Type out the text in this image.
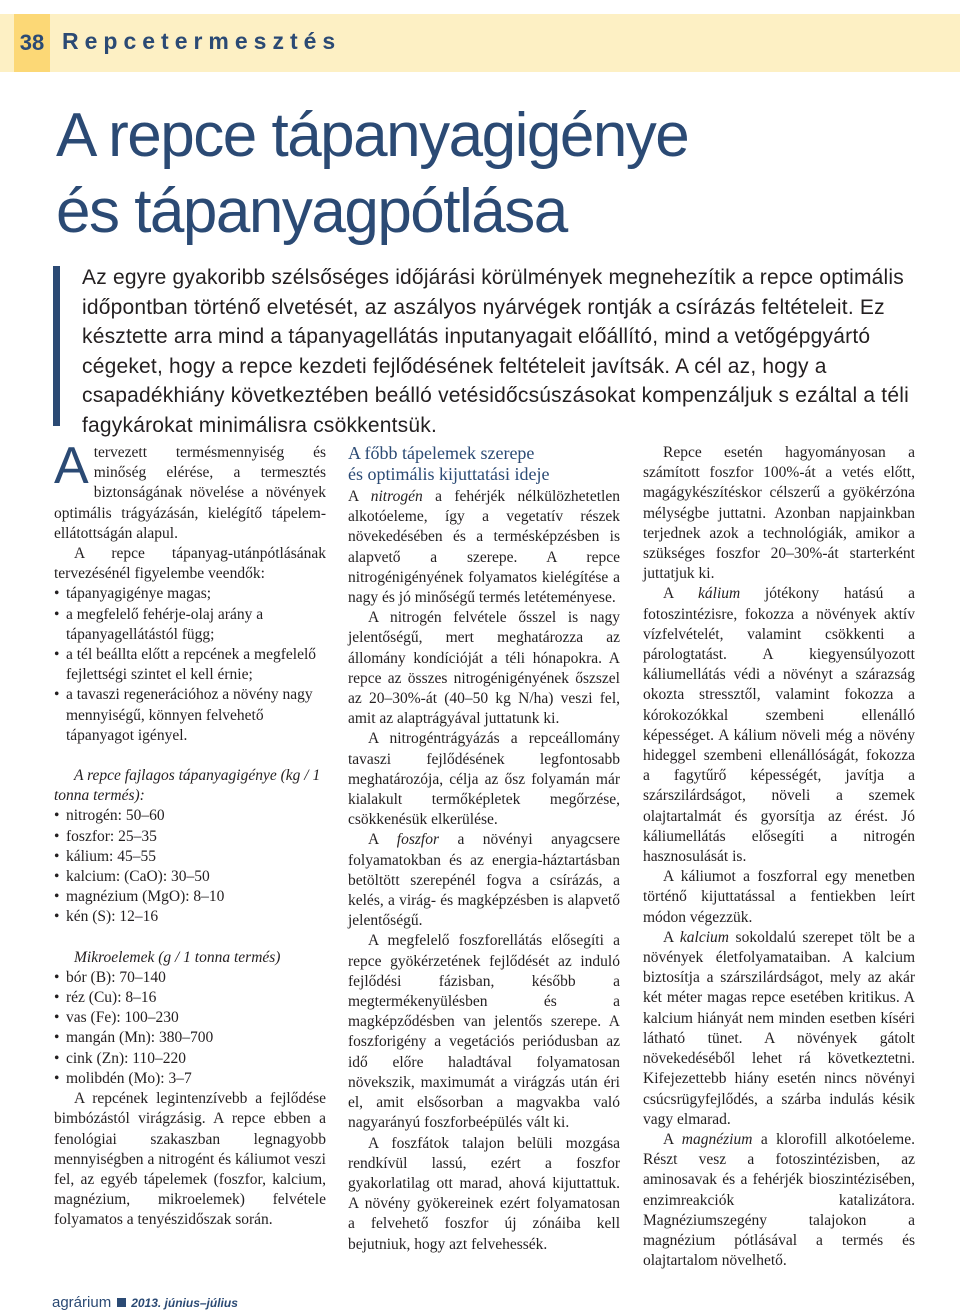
38 Repcetermesztés
A repce tápanyagigénye
és tápanyagpótlása

Az egyre gyakoribb szélsőséges időjárási körülmények megnehezítik a repce optimális időpontban történő elvetését, az aszályos nyárvégek rontják a csírázás feltételeit. Ez késztette arra mind a tápanyagellátás inputanyagait előállító, mind a vetőgépgyártó cégeket, hogy a repce kezdeti fejlődésének feltételeit javítsák. A cél az, hogy a csapadékhiány következtében beálló vetésidőcsúszásokat kompenzáljuk s ezáltal a téli fagykárokat minimálisra csökkentsük.

Atervezett termésmennyiség és minőség elérése, a termesztés biztonságának növelése a növények optimális trágyázásán, kielégítő tápelem-ellátottságán alapul.

A repce tápanyag-utánpótlásának tervezésénél figyelembe veendők:

• tápanyagigénye magas;
• a megfelelő fehérje-olaj arány a tápanyagellátástól függ;
• a tél beállta előtt a repcének a megfelelő fejlettségi szintet el kell érnie;
• a tavaszi regenerációhoz a növény nagy mennyiségű, könnyen felvehető tápanyagot igényel.

A repce fajlagos tápanyagigénye (kg / 1 tonna termés):

• nitrogén: 50–60
• foszfor: 25–35
• kálium: 45–55
• kalcium: (CaO): 30–50
• magnézium (MgO): 8–10
• kén (S): 12–16

Mikroelemek (g / 1 tonna termés)

• bór (B): 70–140
• réz (Cu): 8–16
• vas (Fe): 100–230
• mangán (Mn): 380–700
• cink (Zn): 110–220
• molibdén (Mo): 3–7

A repcének legintenzívebb a fejlődése bimbózástól virágzásig. A repce ebben a fenológiai szakaszban legnagyobb mennyiségben a nitrogént és káliumot veszi fel, az egyéb tápelemek (foszfor, kalcium, magnézium, mikroelemek) felvétele folyamatos a tenyészidőszak során.

A főbb tápelemek szerepe
és optimális kijuttatási ideje

A nitrogén a fehérjék nélkülözhetetlen alkotóeleme, így a vegetatív részek növekedésében és a termésképzésben is alapvető a szerepe. A repce nitrogénigényének folyamatos kielégítése a nagy és jó minőségű termés letéteményese.

A nitrogén felvétele ősszel is nagy jelentőségű, mert meghatározza az állomány kondícióját a téli hónapokra. A repce az összes nitrogénigényének őszszel az 20–30%-át (40–50 kg N/ha) veszi fel, amit az alaptrágyával juttatunk ki.

A nitrogéntrágyázás a repceállomány tavaszi fejlődésének legfontosabb meghatározója, célja az ősz folyamán már kialakult termőképletek megőrzése, csökkenésük elkerülése.

A foszfor a növényi anyagcsere folyamatokban és az energia-háztartásban betöltött szerepénél fogva a csírázás, a kelés, a virág- és magképzésben is alapvető jelentőségű.

A megfelelő foszforellátás elősegíti a repce gyökérzetének fejlődését az induló fejlődési fázisban, később a megtermékenyülésben és a magképződésben van jelentős szerepe. A foszforigény a vegetációs periódusban az idő előre haladtával folyamatosan növekszik, maximumát a virágzás után éri el, amit elsősorban a magvakba való nagyarányú foszforbeépülés vált ki.

A foszfátok talajon belüli mozgása rendkívül lassú, ezért a foszfor gyakorlatilag ott marad, ahová kijuttattuk. A növény gyökereinek ezért folyamatosan a felvehető foszfor új zónáiba kell bejutniuk, hogy azt felvehessék.

Repce esetén hagyományosan a számított foszfor 100%-át a vetés előtt, magágykészítéskor célszerű a gyökérzóna mélységbe juttatni. Azonban napjainkban terjednek azok a technológiák, amikor a szükséges foszfor 20–30%-át starterként juttatjuk ki.

A kálium jótékony hatású a fotoszintézisre, fokozza a növények aktív vízfelvételét, valamint csökkenti a párologtatást. A kiegyensúlyozott káliumellátás védi a növényt a szárazság okozta stressztől, valamint fokozza a kórokozókkal szembeni ellenálló képességet. A kálium növeli még a növény hideggel szembeni ellenállóságát, fokozza a fagytűrő képességét, javítja a szárszilárdságot, növeli a szemek olajtartalmát és gyorsítja az érést. Jó káliumellátás elősegíti a nitrogén hasznosulását is.

A káliumot a foszforral egy menetben történő kijuttatással a fentiekben leírt módon végezzük.

A kalcium sokoldalú szerepet tölt be a növények életfolyamataiban. A kalcium biztosítja a szárszilárdságot, mely az akár két méter magas repce esetében kritikus. A kalcium hiányát nem minden esetben kíséri látható tünet. A növények gátolt növekedéséből lehet rá következtetni. Kifejezettebb hiány esetén nincs növényi csúcsrügyfejlődés, a szárba indulás késik vagy elmarad.

A magnézium a klorofill alkotóeleme. Részt vesz a fotoszintézisben, az aminosavak és a fehérjék bioszintézisében, enzimreakciók katalizátora. Magnéziumszegény talajokon a magnézium pótlásával a termés és olajtartalom növelhető.

agrárium 2013. június–július
